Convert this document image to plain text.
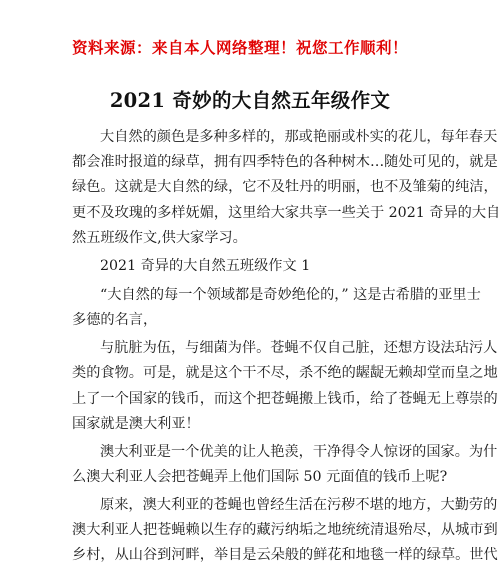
资料来源：来自本人网络整理！祝您工作顺利！
2021 奇妙的大自然五年级作文
大自然的颜色是多种多样的，那或艳丽或朴实的花儿，每年春天
都会准时报道的绿草，拥有四季特色的各种树木…随处可见的，就是
绿色。这就是大自然的绿，它不及牡丹的明丽，也不及雏菊的纯洁，
更不及玫瑰的多样妩媚，这里给大家共享一些关于 2021 奇异的大自
然五班级作文,供大家学习。
2021 奇异的大自然五班级作文 1
“大自然的每一个领域都是奇妙绝伦的，” 这是古希腊的亚里士
多德的名言，
与肮脏为伍，与细菌为伴。苍蝇不仅自己脏，还想方设法玷污人
类的食物。可是，就是这个干不尽，杀不绝的龌龊无赖却堂而皇之地
上了一个国家的钱币，而这个把苍蝇搬上钱币，给了苍蝇无上尊崇的
国家就是澳大利亚！
澳大利亚是一个优美的让人艳羡，干净得令人惊讶的国家。为什
么澳大利亚人会把苍蝇弄上他们国际 50 元面值的钱币上呢?
原来，澳大利亚的苍蝇也曾经生活在污秽不堪的地方，大勤劳的
澳大利亚人把苍蝇赖以生存的藏污纳垢之地统统清退殆尽，从城市到
乡村，从山谷到河畔，举目是云朵般的鲜花和地毯一样的绿草。世代
